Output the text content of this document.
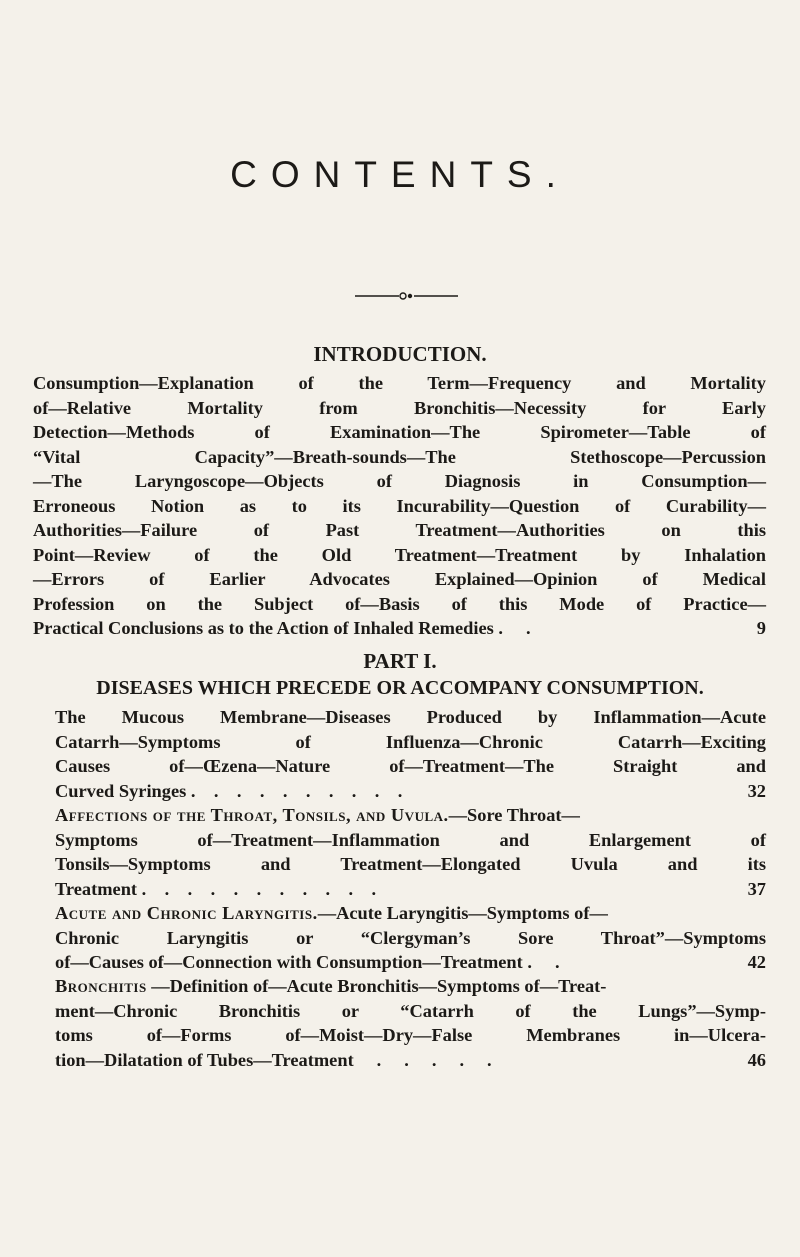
CONTENTS.
INTRODUCTION.
Consumption—Explanation of the Term—Frequency and Mortality
of—Relative Mortality from Bronchitis—Necessity for Early
Detection—Methods of Examination—The Spirometer—Table of
“Vital Capacity”—Breath-sounds—The Stethoscope—Percussion
—The Laryngoscope—Objects of Diagnosis in Consumption—
Erroneous Notion as to its Incurability—Question of Curability—
Authorities—Failure of Past Treatment—Authorities on this
Point—Review of the Old Treatment—Treatment by Inhalation
—Errors of Earlier Advocates Explained—Opinion of Medical
Profession on the Subject of—Basis of this Mode of Practice—
Practical Conclusions as to the Action of Inhaled Remedies .  .	9
PART I.
DISEASES WHICH PRECEDE OR ACCOMPANY CONSUMPTION.
The Mucous Membrane—Diseases Produced by Inflammation—Acute
Catarrh—Symptoms of Influenza—Chronic Catarrh—Exciting
Causes of—Œzena—Nature of—Treatment—The Straight and
Curved Syringes . . . . . . . . . .	32
Affections of the Throat, Tonsils, and Uvula.—Sore Throat—
Symptoms of—Treatment—Inflammation and Enlargement of
Tonsils—Symptoms and Treatment—Elongated Uvula and its
Treatment . . . . . . . . . . .	37
Acute and Chronic Laryngitis.—Acute Laryngitis—Symptoms of—
Chronic Laryngitis or “Clergyman’s Sore Throat”—Symptoms
of—Causes of—Connection with Consumption—Treatment .  .	42
Bronchitis —Definition of—Acute Bronchitis—Symptoms of—Treat-
ment—Chronic Bronchitis or “Catarrh of the Lungs”—Symp-
toms of—Forms of—Moist—Dry—False Membranes in—Ulcera-
tion—Dilatation of Tubes—Treatment  .  .  .  .  .	46
